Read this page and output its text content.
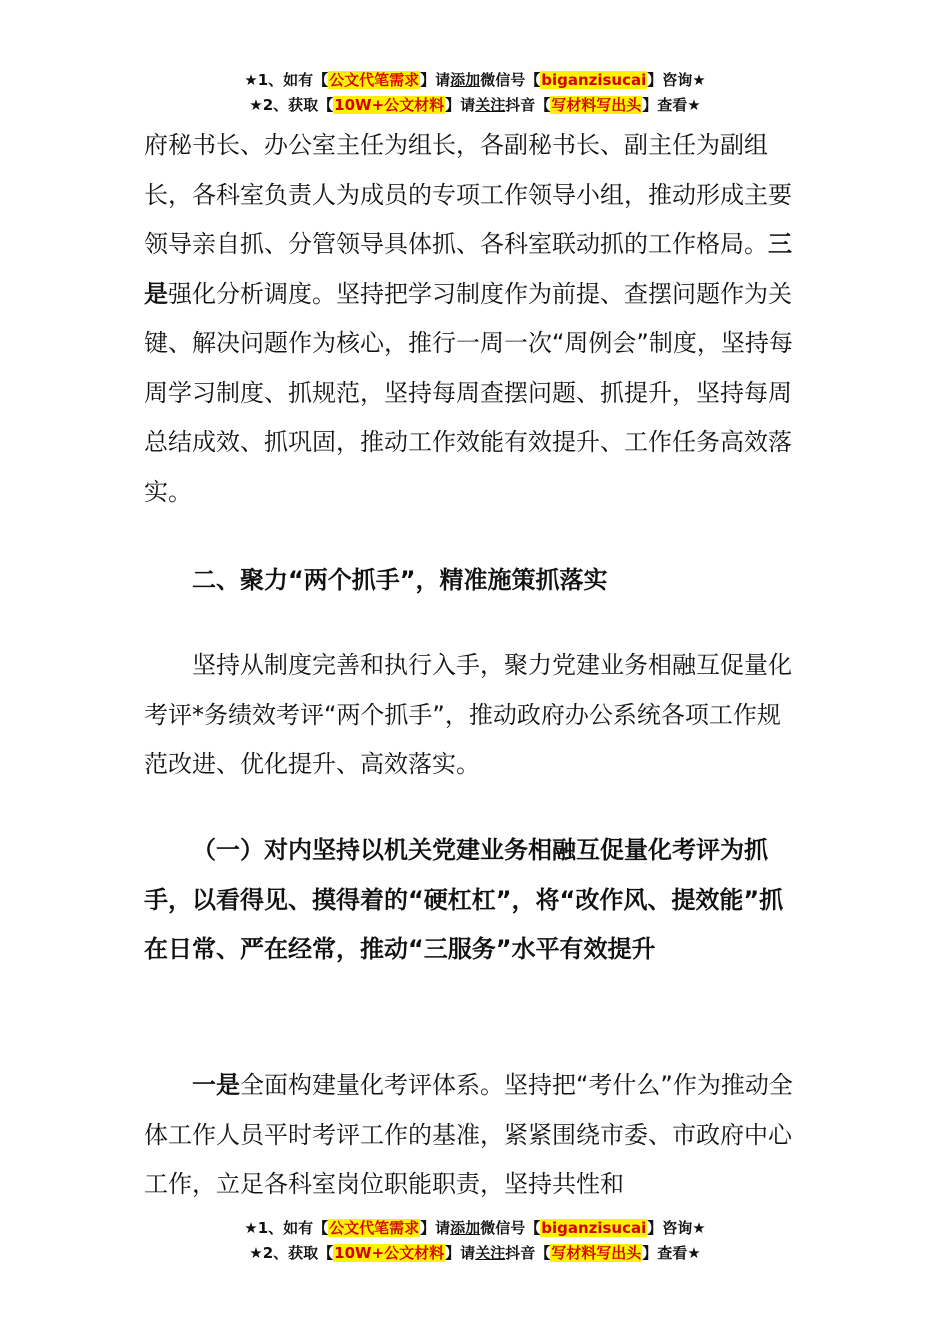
★1、如有【公文代笔需求】请添加微信号【biganzisucai】咨询★
★2、获取【10W+公文材料】请关注抖音【写材料写出头】查看★
府秘书长、办公室主任为组长，各副秘书长、副主任为副组长，各科室负责人为成员的专项工作领导小组，推动形成主要领导亲自抓、分管领导具体抓、各科室联动抓的工作格局。三是强化分析调度。坚持把学习制度作为前提、查摆问题作为关键、解决问题作为核心，推行一周一次“周例会”制度，坚持每周学习制度、抓规范，坚持每周查摆问题、抓提升，坚持每周总结成效、抓巩固，推动工作效能有效提升、工作任务高效落实。
二、聚力“两个抓手”，精准施策抓落实
坚持从制度完善和执行入手，聚力党建业务相融互促量化考评*务绩效考评“两个抓手”，推动政府办公系统各项工作规范改进、优化提升、高效落实。
（一）对内坚持以机关党建业务相融互促量化考评为抓手，以看得见、摸得着的“硬杠杠”，将“改作风、提效能”抓在日常、严在经常，推动“三服务”水平有效提升
一是全面构建量化考评体系。坚持把“考什么”作为推动全体工作人员平时考评工作的基准，紧紧围绕市委、市政府中心工作，立足各科室岗位职能职责，坚持共性和
★1、如有【公文代笔需求】请添加微信号【biganzisucai】咨询★
★2、获取【10W+公文材料】请关注抖音【写材料写出头】查看★
